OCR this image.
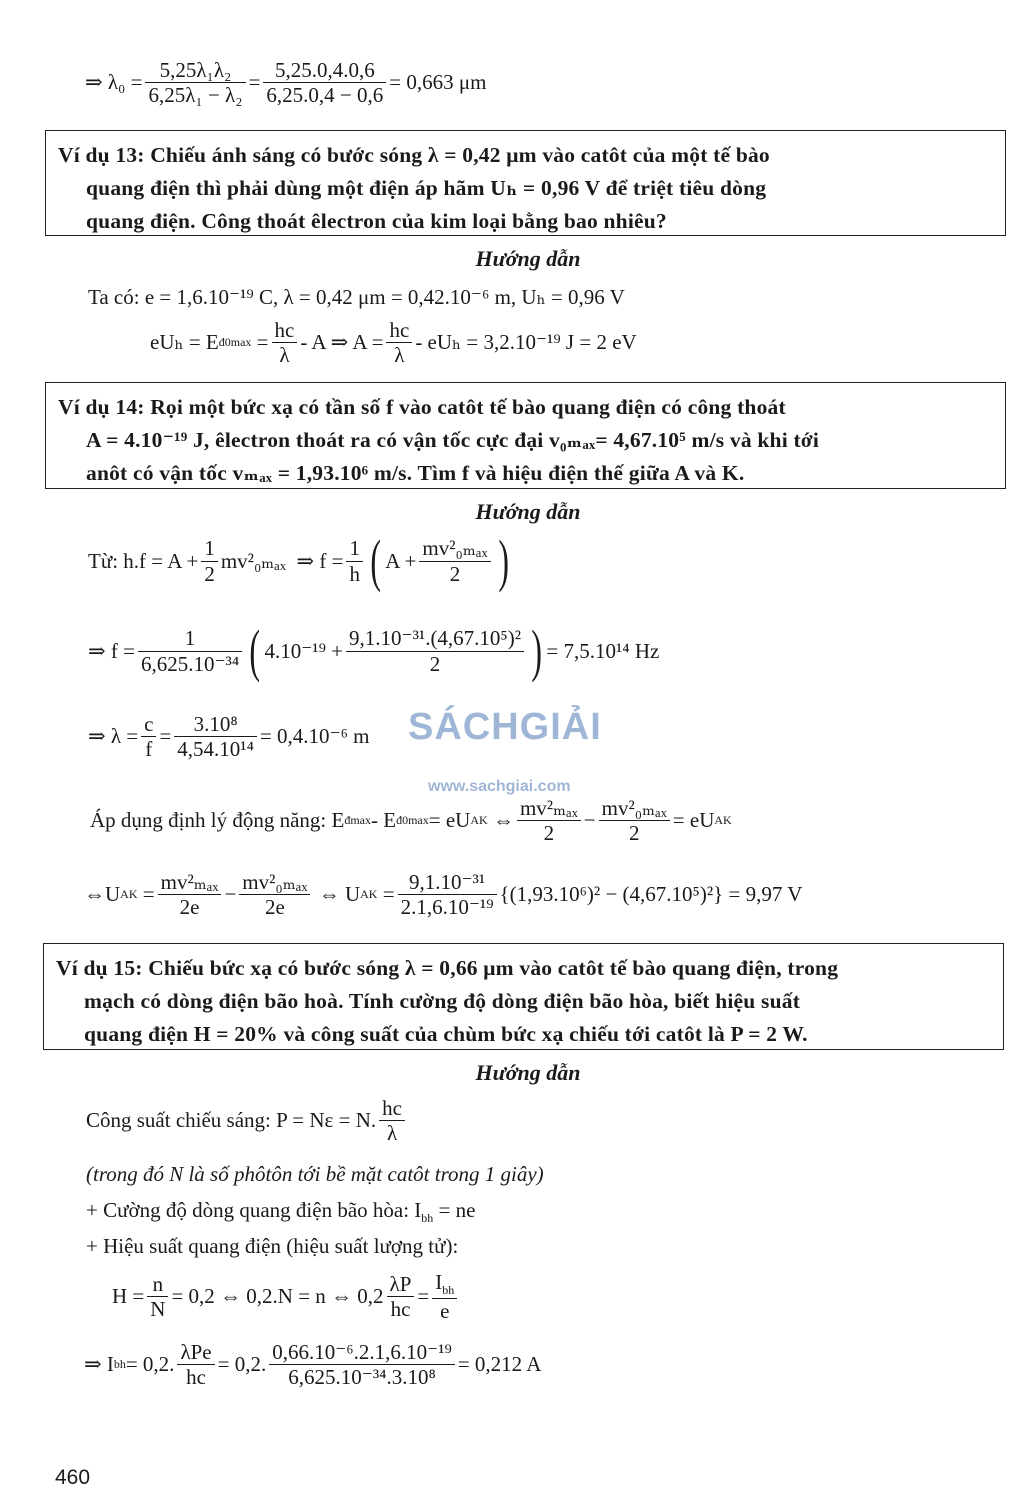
⇒ $\lambda_0 = \frac{\text{5,25λ₁λ₂}}{\text{6,25λ₁ − λ₂}} = \frac{5,25.0,4.0,6}{6,25.0,4 - 0,6} = 0,663$ μm

Ví dụ 13: Chiếu ánh sáng có bước sóng λ = 0,42 μm vào catôt của một tế bào

quang điện thì phải dùng một điện áp hãm Uₕ = 0,96 V để triệt tiêu dòng

quang điện. Công thoát êlectron của kim loại bằng bao nhiêu?

Hướng dẫn
Ta có: e = 1,6.10⁻¹⁹ C, λ = 0,42 μm = 0,42.10⁻⁶ m, Uₕ = 0,96 V
eUₕ = E đ0max
= $\frac{hc}{\lambda}$ - A ⇒ $A = \frac{hc}{\lambda} - eU_h = 3,2.10^{-19}$ J = 2 eV

Ví dụ 14: Rọi một bức xạ có tần số f vào catôt tế bào quang điện có công thoát

A = 4.10⁻¹⁹ J, êlectron thoát ra có vận tốc cực đại v₀ₘₐₓ= 4,67.10⁵ m/s và khi tới

anôt có vận tốc vₘₐₓ = 1,93.10⁶ m/s. Tìm f và hiệu điện thế giữa A và K.

Hướng dẫn
Từ: $h.f = A + \frac{1}{2} mv^2_{0max}$
⇒ $f = \frac{1}{h}$ ( $A + \frac{\text{mv²₀ₘₐₓ}}{2}$ )
⇒ $f = \frac{1}{\text{6,625.10⁻³⁴}}$ ( $4.10^{-19} + \frac{\text{9,1.10⁻³¹.(4,67.10⁵)²}}{2}$ ) = 7,5.10¹⁴ Hz
⇒ $\lambda = \frac{c}{f} = \frac{\text{3.10⁸}}{\text{4,54.10¹⁴}} = 0,4.10^{-6}$ m SÁCHGIẢI
www.sachgiai.com
Áp dụng định lý động năng: E đmax - E đ0max = eU AK
⇔ $\frac{\text{mv²ₘₐₓ}}{2} - \frac{\text{mv²₀ₘₐₓ}}{2}$ = eU AK
⇔U AK
= $\frac{\text{mv²ₘₐₓ}}{2e} - \frac{\text{mv²₀ₘₐₓ}}{2e}$
⇔ U AK
= $\frac{\text{9,1.10⁻³¹}}{\text{2.1,6.10⁻¹⁹}} \{(1,93.10^6)^2 - (4,67.10^5)^2\} = 9,97$ V

Ví dụ 15: Chiếu bức xạ có bước sóng λ = 0,66 μm vào catôt tế bào quang điện, trong

mạch có dòng điện bão hoà. Tính cường độ dòng điện bão hòa, biết hiệu suất

quang điện H = 20% và công suất của chùm bức xạ chiếu tới catôt là P = 2 W.

Hướng dẫn
Công suất chiếu sáng: P = Nε = N. $\frac{hc}{\lambda}$
(trong đó N là số phôtôn tới bề mặt catôt trong 1 giây)
+ Cường độ dòng quang điện bão hòa: $I_{bh}$ = ne
+ Hiệu suất quang điện (hiệu suất lượng tử):
$H = \frac{n}{N} = 0,2$ ⇔ 0,2.N = n ⇔ $0,2 \frac{\lambda P}{hc} = \frac{I_{bh}}{e}$
⇒ I bh = 0,2. $\frac{\text{λPe}}{hc} = 0,2$. $\frac{\text{0,66.10⁻⁶.2.1,6.10⁻¹⁹}}{\text{6,625.10⁻³⁴.3.10⁸}} = 0,212$ A
460
